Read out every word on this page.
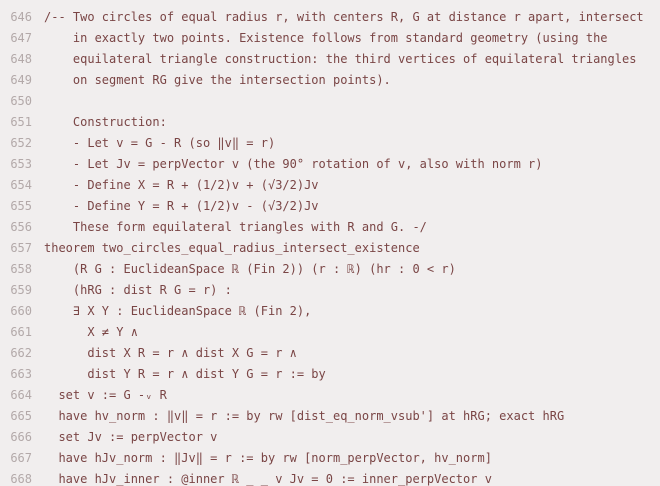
646 /-- Two circles of equal radius r, with centers R, G at distance r apart, intersect
647 in exactly two points. Existence follows from standard geometry (using the
648 equilateral triangle construction: the third vertices of equilateral triangles
649 on segment RG give the intersection points).
650
651 Construction:
652 - Let v = G - R (so ‖v‖ = r)
653 - Let Jv = perpVector v (the 90° rotation of v, also with norm r)
654 - Define X = R + (1/2)v + (√3/2)Jv
655 - Define Y = R + (1/2)v - (√3/2)Jv
656 These form equilateral triangles with R and G. -/
657 theorem two_circles_equal_radius_intersect_existence
658 (R G : EuclideanSpace ℝ (Fin 2)) (r : ℝ) (hr : 0 < r)
659 (hRG : dist R G = r) :
660 ∃ X Y : EuclideanSpace ℝ (Fin 2),
661 X ≠ Y ∧
662 dist X R = r ∧ dist X G = r ∧
663 dist Y R = r ∧ dist Y G = r := by
664 set v := G -ᵥ R
665 have hv_norm : ‖v‖ = r := by rw [dist_eq_norm_vsub'] at hRG; exact hRG
666 set Jv := perpVector v
667 have hJv_norm : ‖Jv‖ = r := by rw [norm_perpVector, hv_norm]
668 have hJv_inner : @inner ℝ _ _ v Jv = 0 := inner_perpVector v
